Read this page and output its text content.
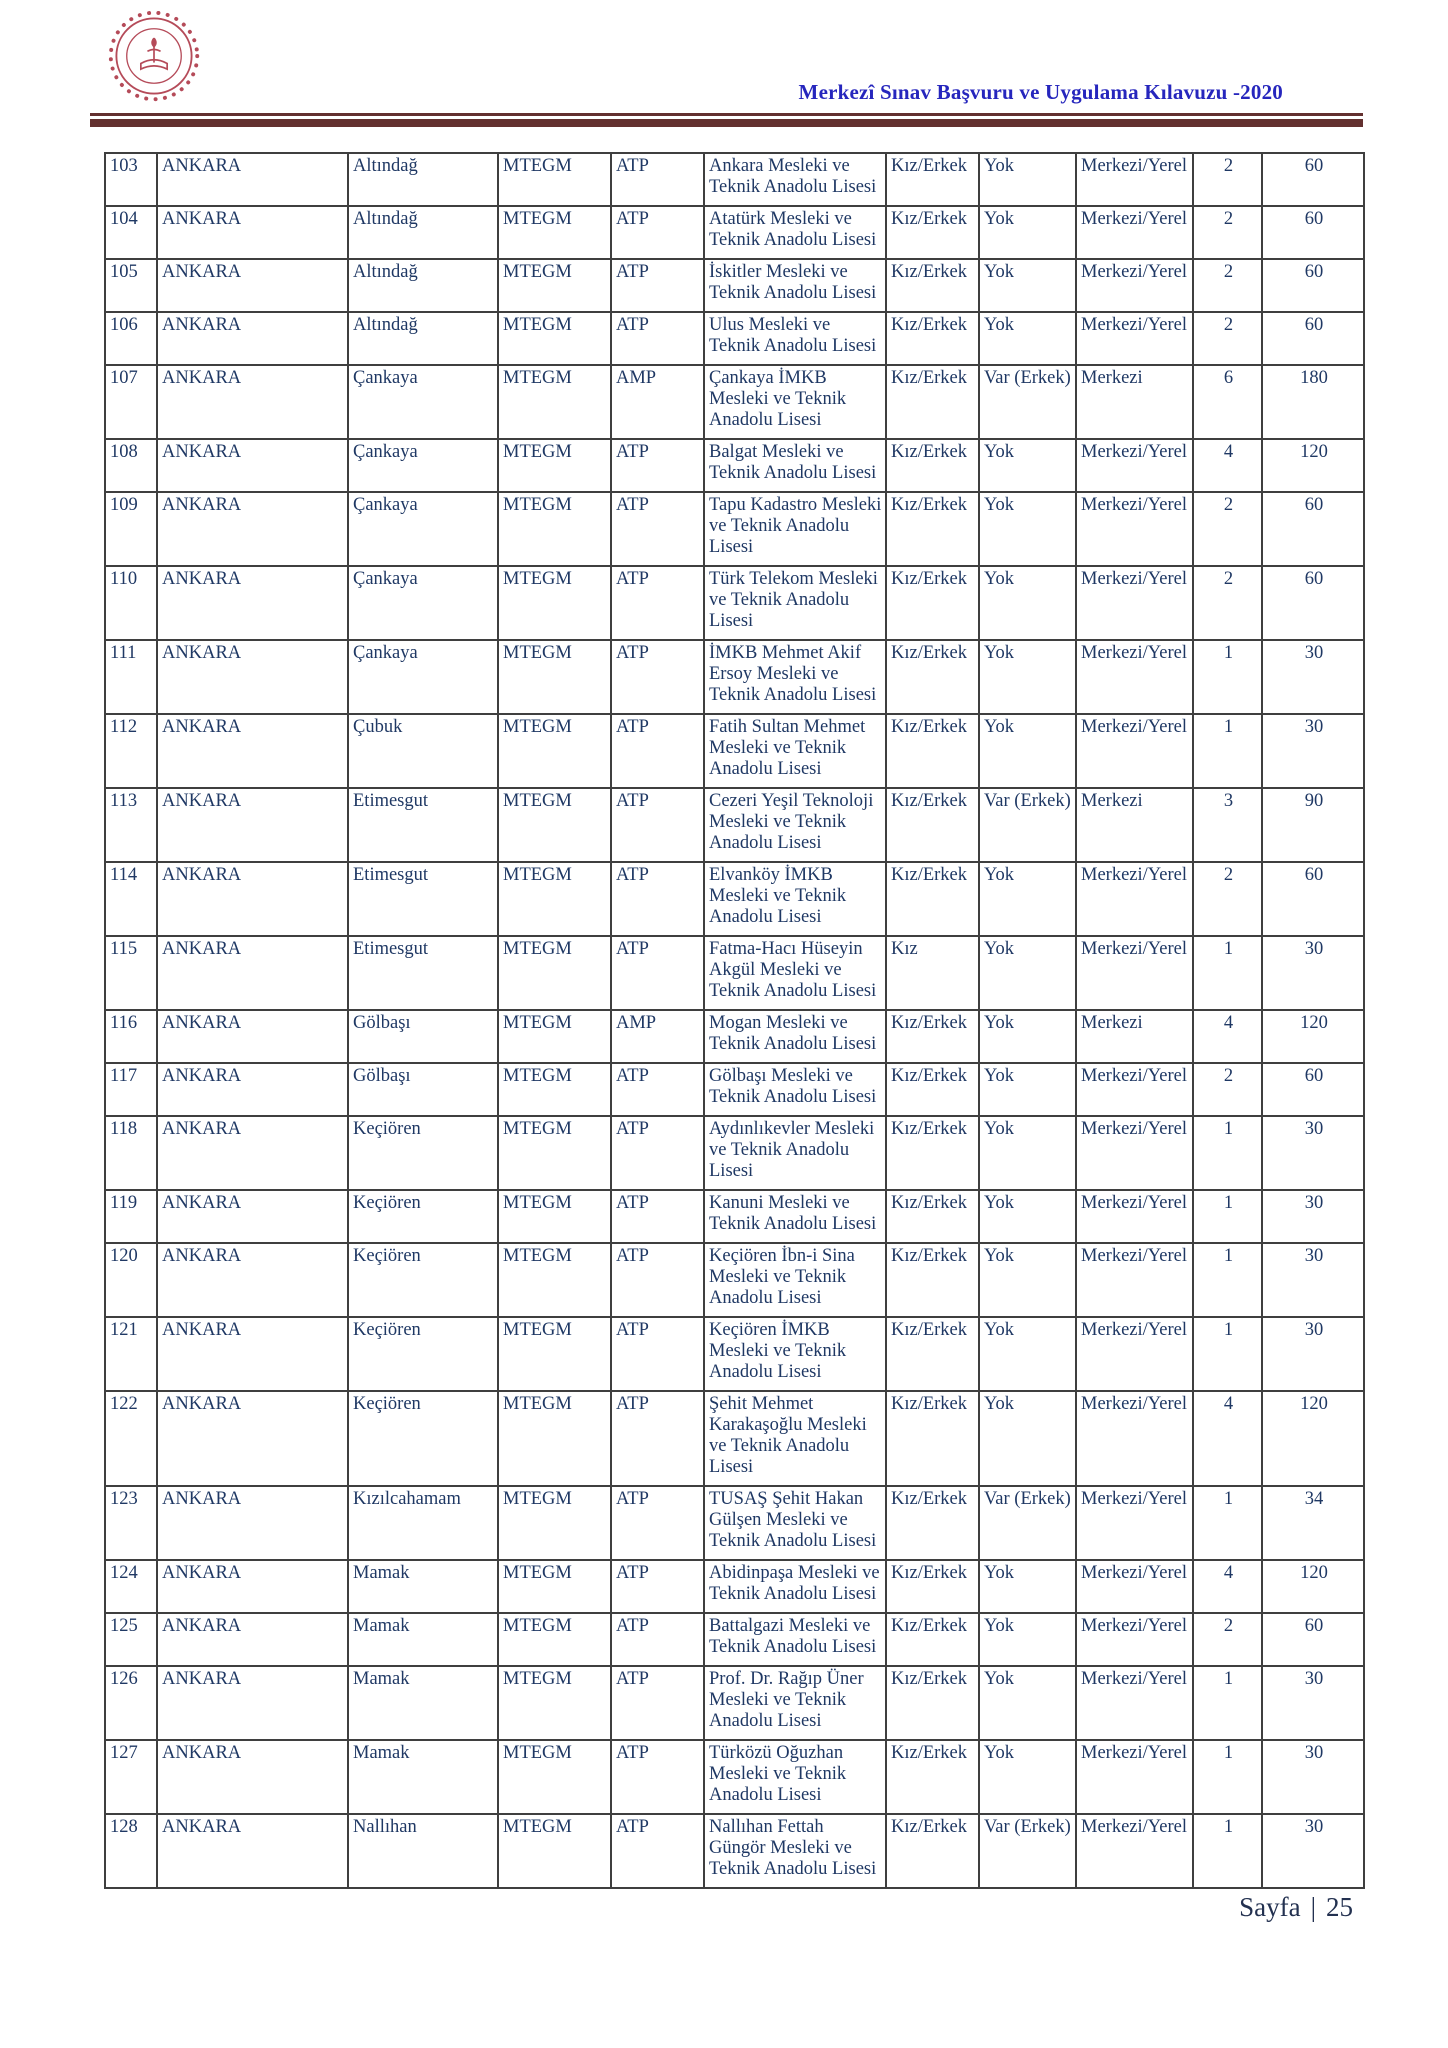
Merkezî Sınav Başvuru ve Uygulama Kılavuzu -2020
103	ANKARA	Altındağ	MTEGM	ATP	Ankara Mesleki ve Teknik Anadolu Lisesi	Kız/Erkek	Yok	Merkezi/Yerel	2	60
104	ANKARA	Altındağ	MTEGM	ATP	Atatürk Mesleki ve Teknik Anadolu Lisesi	Kız/Erkek	Yok	Merkezi/Yerel	2	60
105	ANKARA	Altındağ	MTEGM	ATP	İskitler Mesleki ve Teknik Anadolu Lisesi	Kız/Erkek	Yok	Merkezi/Yerel	2	60
106	ANKARA	Altındağ	MTEGM	ATP	Ulus Mesleki ve Teknik Anadolu Lisesi	Kız/Erkek	Yok	Merkezi/Yerel	2	60
107	ANKARA	Çankaya	MTEGM	AMP	Çankaya İMKB Mesleki ve Teknik Anadolu Lisesi	Kız/Erkek	Var (Erkek)	Merkezi	6	180
108	ANKARA	Çankaya	MTEGM	ATP	Balgat Mesleki ve Teknik Anadolu Lisesi	Kız/Erkek	Yok	Merkezi/Yerel	4	120
109	ANKARA	Çankaya	MTEGM	ATP	Tapu Kadastro Mesleki ve Teknik Anadolu Lisesi	Kız/Erkek	Yok	Merkezi/Yerel	2	60
110	ANKARA	Çankaya	MTEGM	ATP	Türk Telekom Mesleki ve Teknik Anadolu Lisesi	Kız/Erkek	Yok	Merkezi/Yerel	2	60
111	ANKARA	Çankaya	MTEGM	ATP	İMKB Mehmet Akif Ersoy Mesleki ve Teknik Anadolu Lisesi	Kız/Erkek	Yok	Merkezi/Yerel	1	30
112	ANKARA	Çubuk	MTEGM	ATP	Fatih Sultan Mehmet Mesleki ve Teknik Anadolu Lisesi	Kız/Erkek	Yok	Merkezi/Yerel	1	30
113	ANKARA	Etimesgut	MTEGM	ATP	Cezeri Yeşil Teknoloji Mesleki ve Teknik Anadolu Lisesi	Kız/Erkek	Var (Erkek)	Merkezi	3	90
114	ANKARA	Etimesgut	MTEGM	ATP	Elvanköy İMKB Mesleki ve Teknik Anadolu Lisesi	Kız/Erkek	Yok	Merkezi/Yerel	2	60
115	ANKARA	Etimesgut	MTEGM	ATP	Fatma-Hacı Hüseyin Akgül Mesleki ve Teknik Anadolu Lisesi	Kız	Yok	Merkezi/Yerel	1	30
116	ANKARA	Gölbaşı	MTEGM	AMP	Mogan Mesleki ve Teknik Anadolu Lisesi	Kız/Erkek	Yok	Merkezi	4	120
117	ANKARA	Gölbaşı	MTEGM	ATP	Gölbaşı Mesleki ve Teknik Anadolu Lisesi	Kız/Erkek	Yok	Merkezi/Yerel	2	60
118	ANKARA	Keçiören	MTEGM	ATP	Aydınlıkevler Mesleki ve Teknik Anadolu Lisesi	Kız/Erkek	Yok	Merkezi/Yerel	1	30
119	ANKARA	Keçiören	MTEGM	ATP	Kanuni Mesleki ve Teknik Anadolu Lisesi	Kız/Erkek	Yok	Merkezi/Yerel	1	30
120	ANKARA	Keçiören	MTEGM	ATP	Keçiören İbn-i Sina Mesleki ve Teknik Anadolu Lisesi	Kız/Erkek	Yok	Merkezi/Yerel	1	30
121	ANKARA	Keçiören	MTEGM	ATP	Keçiören İMKB Mesleki ve Teknik Anadolu Lisesi	Kız/Erkek	Yok	Merkezi/Yerel	1	30
122	ANKARA	Keçiören	MTEGM	ATP	Şehit Mehmet Karakaşoğlu Mesleki ve Teknik Anadolu Lisesi	Kız/Erkek	Yok	Merkezi/Yerel	4	120
123	ANKARA	Kızılcahamam	MTEGM	ATP	TUSAŞ Şehit Hakan Gülşen Mesleki ve Teknik Anadolu Lisesi	Kız/Erkek	Var (Erkek)	Merkezi/Yerel	1	34
124	ANKARA	Mamak	MTEGM	ATP	Abidinpaşa Mesleki ve Teknik Anadolu Lisesi	Kız/Erkek	Yok	Merkezi/Yerel	4	120
125	ANKARA	Mamak	MTEGM	ATP	Battalgazi Mesleki ve Teknik Anadolu Lisesi	Kız/Erkek	Yok	Merkezi/Yerel	2	60
126	ANKARA	Mamak	MTEGM	ATP	Prof. Dr. Rağıp Üner Mesleki ve Teknik Anadolu Lisesi	Kız/Erkek	Yok	Merkezi/Yerel	1	30
127	ANKARA	Mamak	MTEGM	ATP	Türközü Oğuzhan Mesleki ve Teknik Anadolu Lisesi	Kız/Erkek	Yok	Merkezi/Yerel	1	30
128	ANKARA	Nallıhan	MTEGM	ATP	Nallıhan Fettah Güngör Mesleki ve Teknik Anadolu Lisesi	Kız/Erkek	Var (Erkek)	Merkezi/Yerel	1	30
Sayfa | 25
